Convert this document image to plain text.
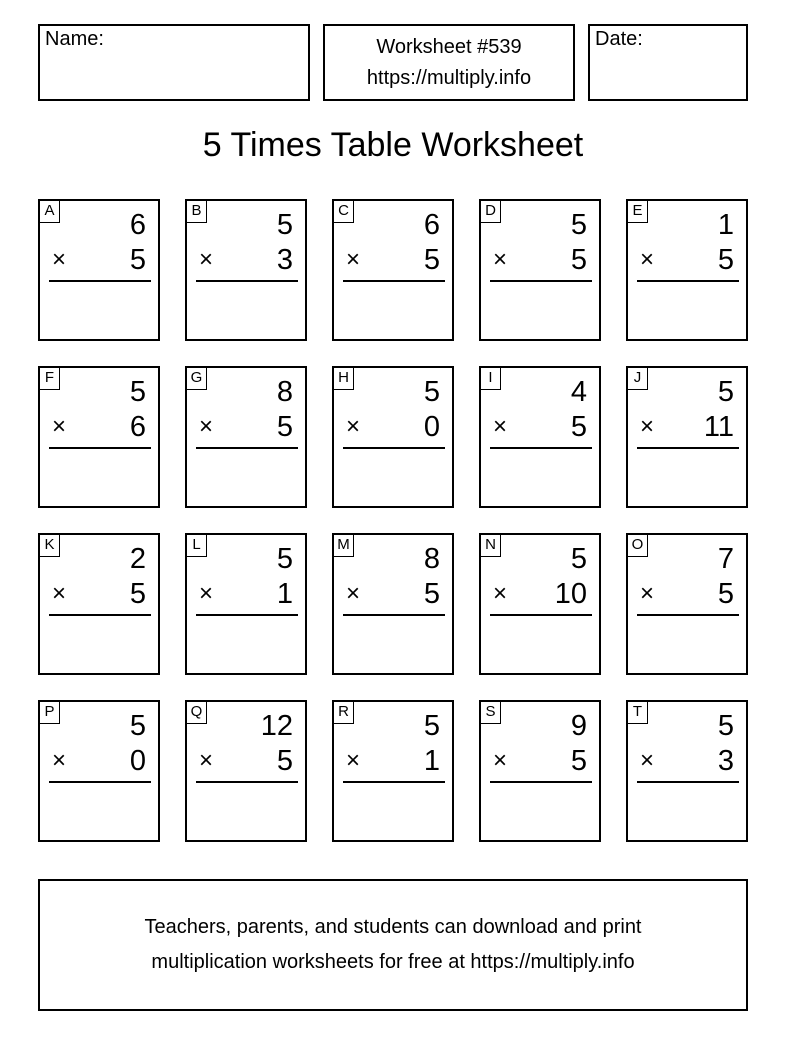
Name:	Worksheet #539
https://multiply.info
Date:
5 Times Table Worksheet
A	6
× 5
B	5
× 3
C	6
× 5
D	5
× 5
E	1
× 5
F	5
× 6
G	8
× 5
H	5
× 0
I	4
× 5
J	5
× 11
K	2
× 5
L	5
× 1
M	8
× 5
N	5
× 10
O	7
× 5
P	5
× 0
Q 12
× 5
R	5
× 1
S	9
× 5
T	5
× 3
Teachers, parents, and students can download and print
multiplication worksheets for free at https://multiply.info
